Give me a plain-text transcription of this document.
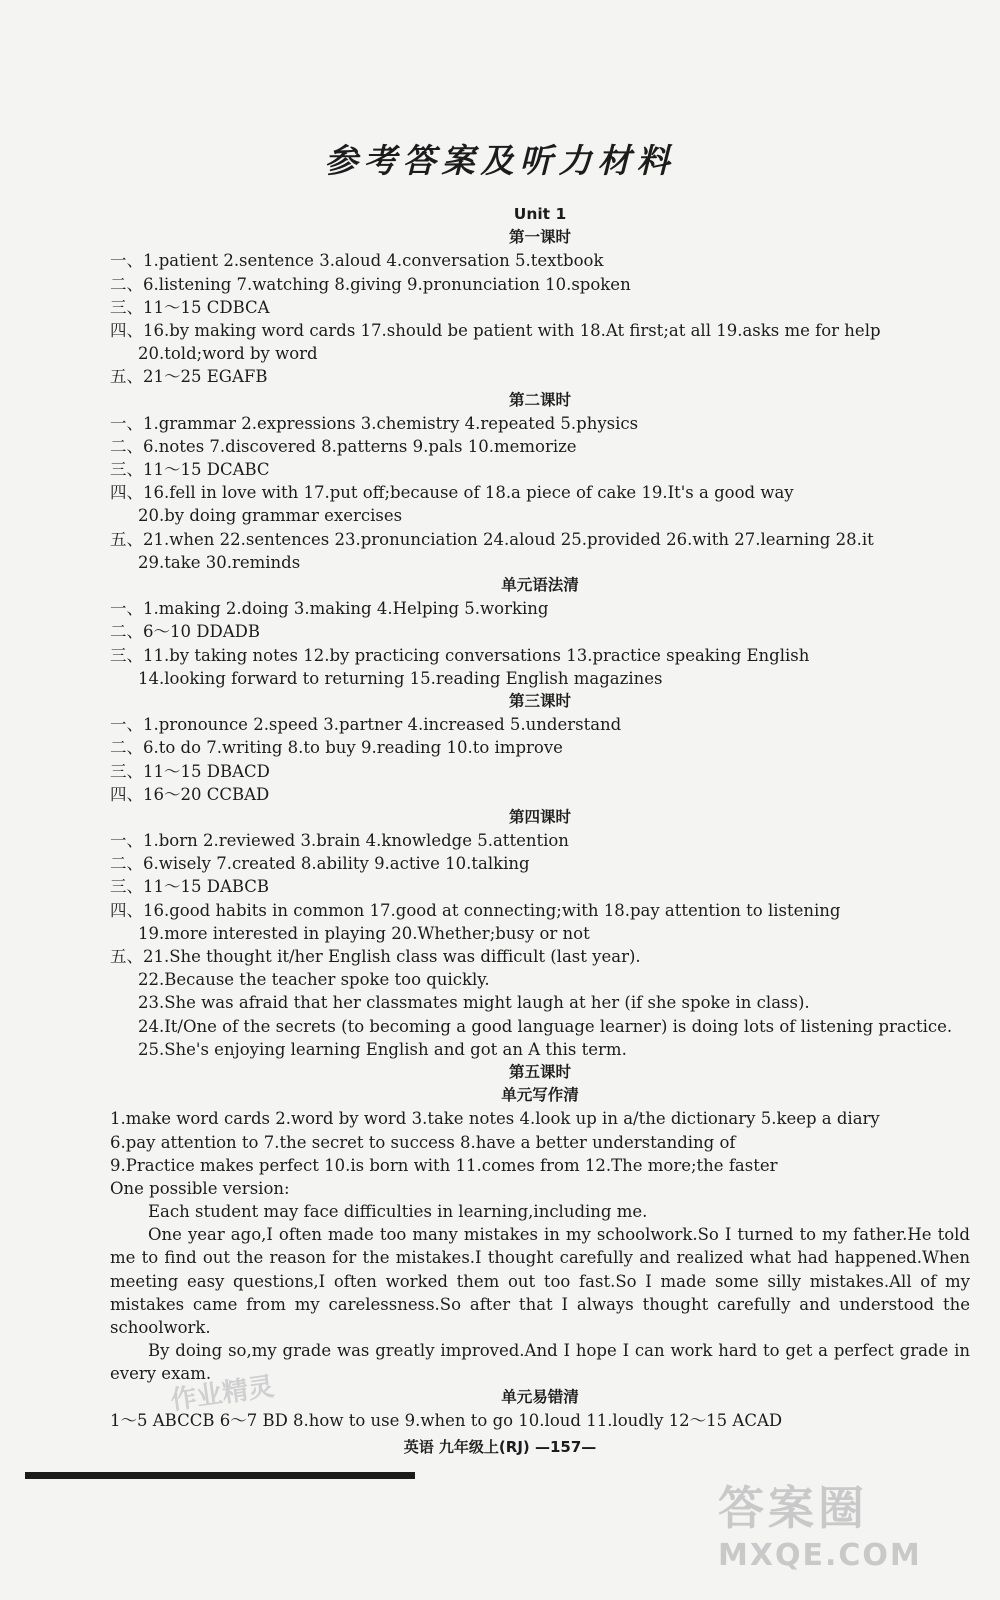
参考答案及听力材料
Unit 1
第一课时
一、1.patient 2.sentence 3.aloud 4.conversation 5.textbook
二、6.listening 7.watching 8.giving 9.pronunciation 10.spoken
三、11～15 CDBCA
四、16.by making word cards 17.should be patient with 18.At first;at all 19.asks me for help
20.told;word by word
五、21～25 EGAFB
第二课时
一、1.grammar 2.expressions 3.chemistry 4.repeated 5.physics
二、6.notes 7.discovered 8.patterns 9.pals 10.memorize
三、11～15 DCABC
四、16.fell in love with 17.put off;because of 18.a piece of cake 19.It's a good way
20.by doing grammar exercises
五、21.when 22.sentences 23.pronunciation 24.aloud 25.provided 26.with 27.learning 28.it
29.take 30.reminds
单元语法清
一、1.making 2.doing 3.making 4.Helping 5.working
二、6～10 DDADB
三、11.by taking notes 12.by practicing conversations 13.practice speaking English
14.looking forward to returning 15.reading English magazines
第三课时
一、1.pronounce 2.speed 3.partner 4.increased 5.understand
二、6.to do 7.writing 8.to buy 9.reading 10.to improve
三、11～15 DBACD
四、16～20 CCBAD
第四课时
一、1.born 2.reviewed 3.brain 4.knowledge 5.attention
二、6.wisely 7.created 8.ability 9.active 10.talking
三、11～15 DABCB
四、16.good habits in common 17.good at connecting;with 18.pay attention to listening
19.more interested in playing 20.Whether;busy or not
五、21.She thought it/her English class was difficult (last year).
22.Because the teacher spoke too quickly.
23.She was afraid that her classmates might laugh at her (if she spoke in class).
24.It/One of the secrets (to becoming a good language learner) is doing lots of listening practice.
25.She's enjoying learning English and got an A this term.
第五课时
单元写作清
1.make word cards 2.word by word 3.take notes 4.look up in a/the dictionary 5.keep a diary
6.pay attention to 7.the secret to success 8.have a better understanding of
9.Practice makes perfect 10.is born with 11.comes from 12.The more;the faster
One possible version:
Each student may face difficulties in learning,including me.
One year ago,I often made too many mistakes in my schoolwork.So I turned to my father.He told me to find out the reason for the mistakes.I thought carefully and realized what had happened.When meeting easy questions,I often worked them out too fast.So I made some silly mistakes.All of my mistakes came from my carelessness.So after that I always thought carefully and understood the schoolwork.
By doing so,my grade was greatly improved.And I hope I can work hard to get a perfect grade in every exam.
单元易错清
1～5 ABCCB 6～7 BD 8.how to use 9.when to go 10.loud 11.loudly 12～15 ACAD
作业精灵
英语 九年级上(RJ) —157—
答案圈
MXQE.COM
